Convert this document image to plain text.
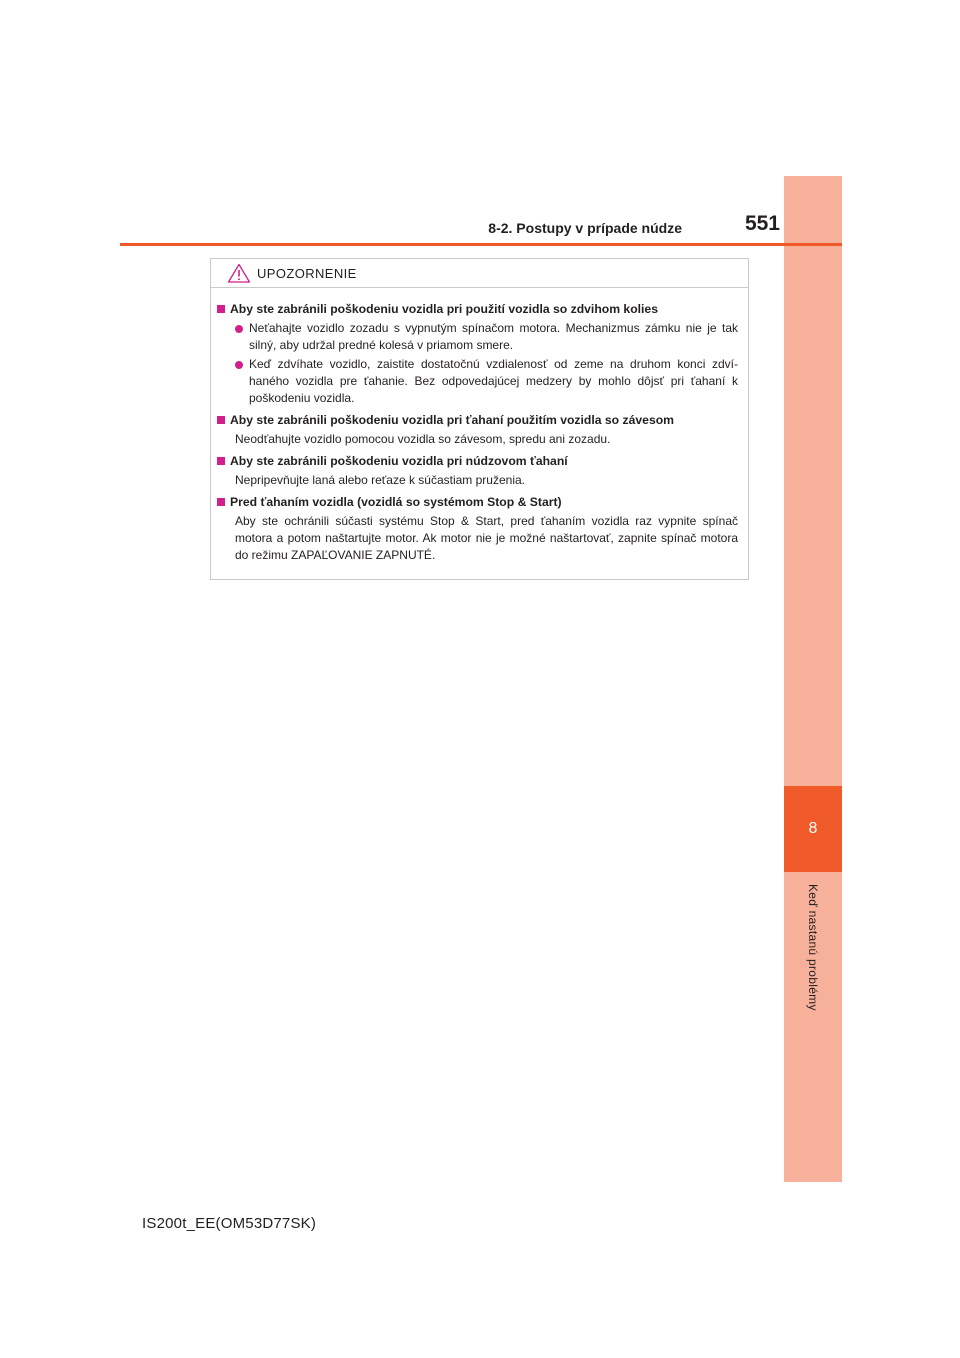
8
Keď nastanú problémy
8-2. Postupy v prípade núdze	551
UPOZORNENIE
Aby ste zabránili poškodeniu vozidla pri použití vozidla so zdvihom kolies
Neťahajte vozidlo zozadu s vypnutým spínačom motora. Mechanizmus zámku nie je tak silný, aby udržal predné kolesá v priamom smere.
Keď zdvíhate vozidlo, zaistite dostatočnú vzdialenosť od zeme na druhom konci zdví-haného vozidla pre ťahanie. Bez odpovedajúcej medzery by mohlo dôjsť pri ťahaní k poškodeniu vozidla.
Aby ste zabránili poškodeniu vozidla pri ťahaní použitím vozidla so závesom
Neodťahujte vozidlo pomocou vozidla so závesom, spredu ani zozadu.
Aby ste zabránili poškodeniu vozidla pri núdzovom ťahaní
Nepripevňujte laná alebo reťaze k súčastiam pruženia.
Pred ťahaním vozidla (vozidlá so systémom Stop & Start)
Aby ste ochránili súčasti systému Stop & Start, pred ťahaním vozidla raz vypnite spínač motora a potom naštartujte motor. Ak motor nie je možné naštartovať, zapnite spínač motora do režimu ZAPAĽOVANIE ZAPNUTÉ.
IS200t_EE(OM53D77SK)
